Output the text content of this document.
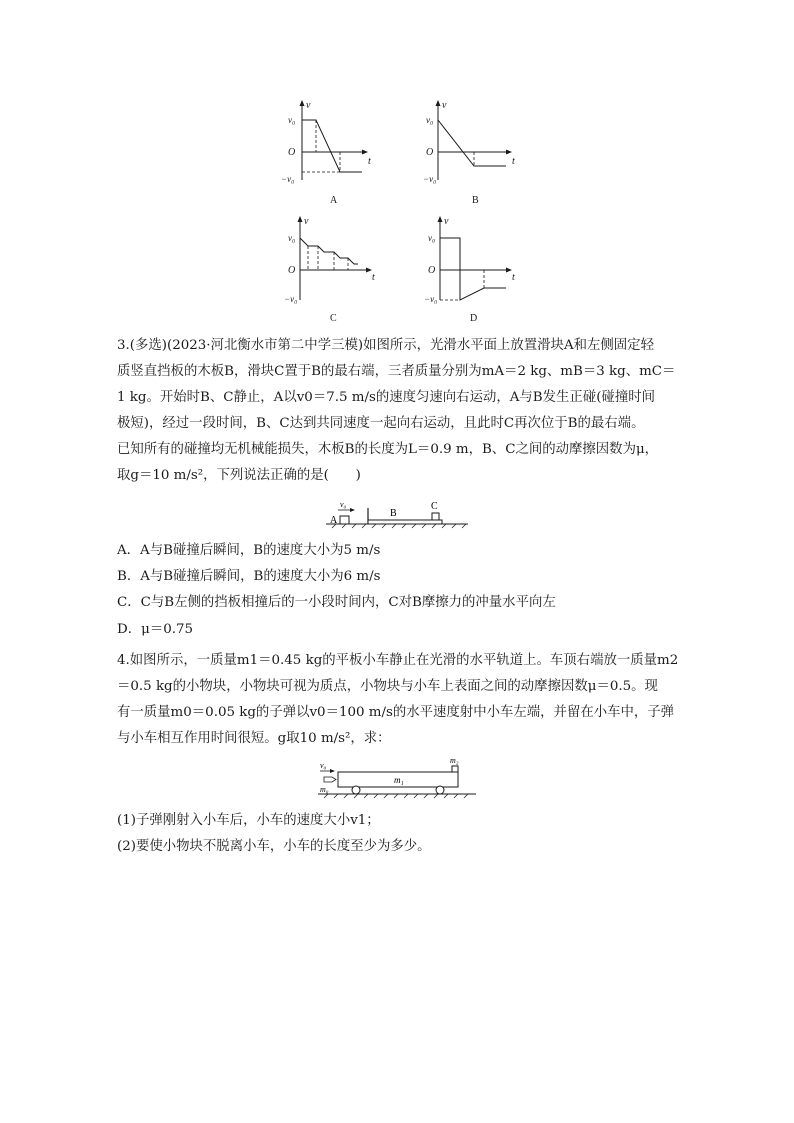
v
v₀
O
t
−v₀
A
v
v₀
O
t
−v₀
B
v
v₀
O
t
−v₀
C
v
v₀
O
t
−v₀
D
3.(多选)(2023·河北衡水市第二中学三模)如图所示，光滑水平面上放置滑块A和左侧固定轻
质竖直挡板的木板B，滑块C置于B的最右端，三者质量分别为mA＝2 kg、mB＝3 kg、mC＝
1 kg。开始时B、C静止，A以v0＝7.5 m/s的速度匀速向右运动，A与B发生正碰(碰撞时间
极短)，经过一段时间，B、C达到共同速度一起向右运动，且此时C再次位于B的最右端。
已知所有的碰撞均无机械能损失，木板B的长度为L＝0.9 m，B、C之间的动摩擦因数为μ，
取g＝10 m/s²，下列说法正确的是(　　)
v₀
A
B
C
A．A与B碰撞后瞬间，B的速度大小为5 m/s
B．A与B碰撞后瞬间，B的速度大小为6 m/s
C．C与B左侧的挡板相撞后的一小段时间内，C对B摩擦力的冲量水平向左
D．μ＝0.75
4.如图所示，一质量m1＝0.45 kg的平板小车静止在光滑的水平轨道上。车顶右端放一质量m2
＝0.5 kg的小物块，小物块可视为质点，小物块与小车上表面之间的动摩擦因数μ＝0.5。现
有一质量m0＝0.05 kg的子弹以v0＝100 m/s的水平速度射中小车左端，并留在小车中，子弹
与小车相互作用时间很短。g取10 m/s²，求：
v₀
m₀
m₁
m₂
(1)子弹刚射入小车后，小车的速度大小v1；
(2)要使小物块不脱离小车，小车的长度至少为多少。
